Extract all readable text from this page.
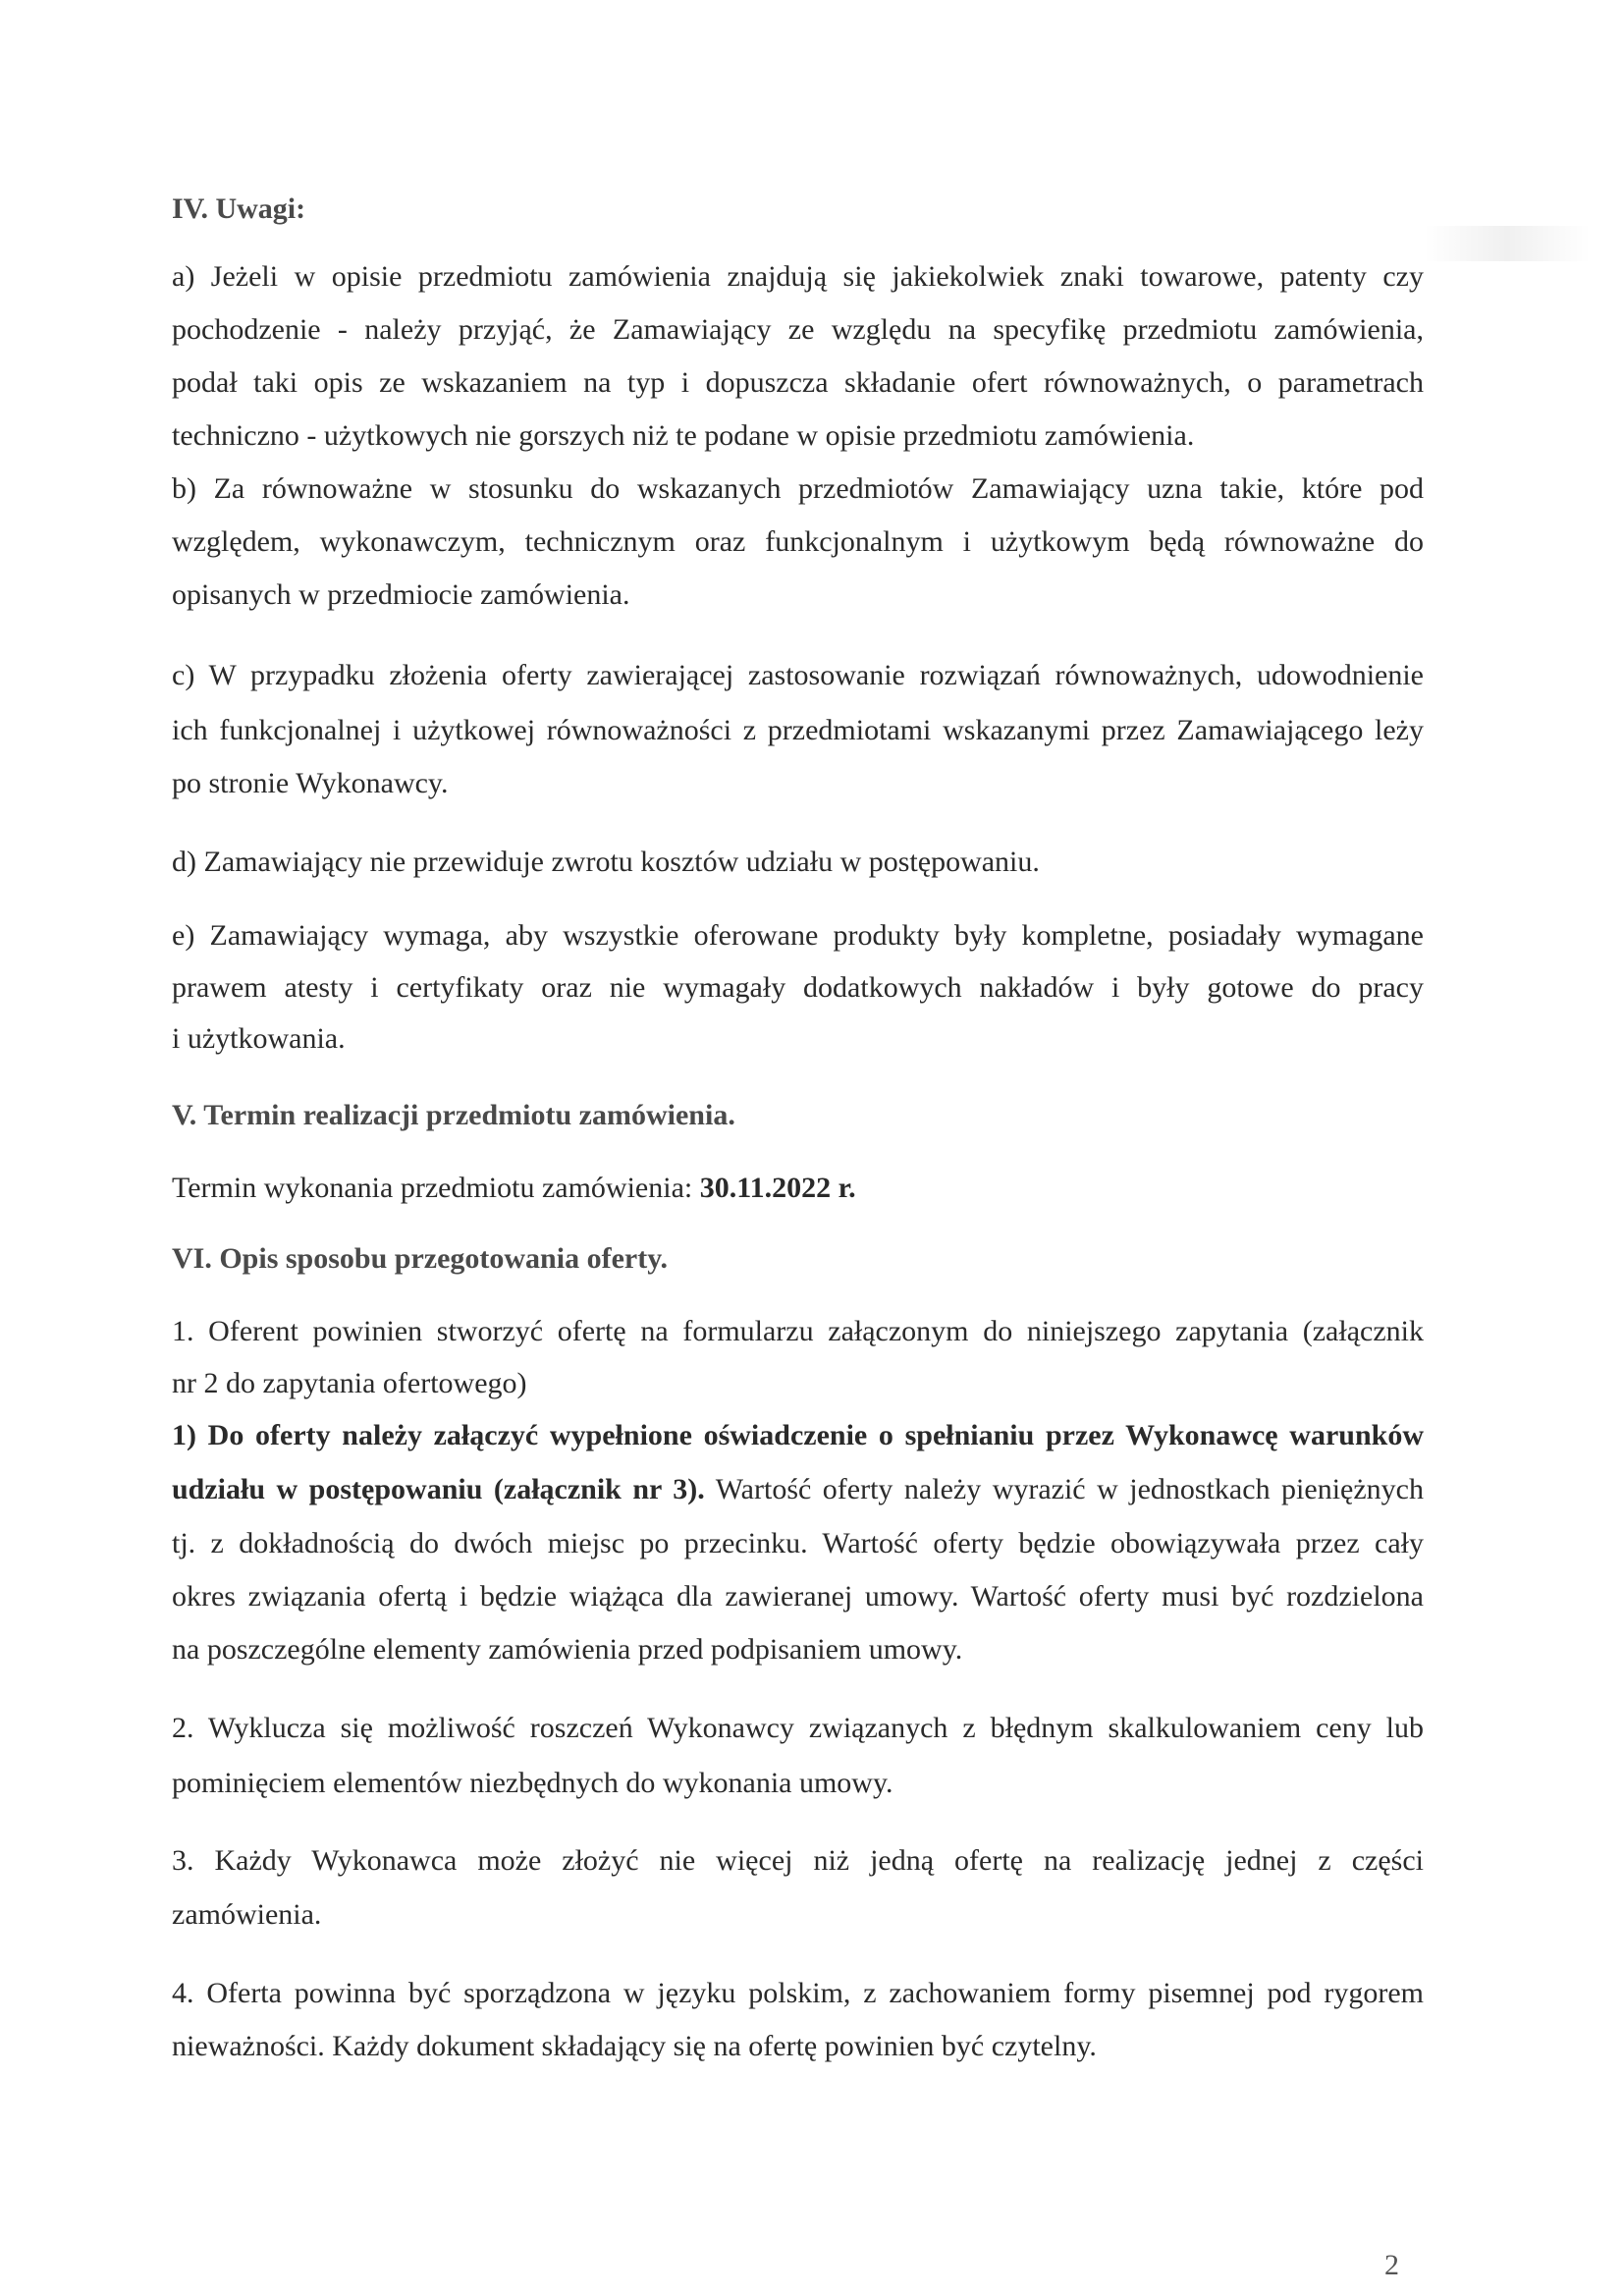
IV. Uwagi:
a) Jeżeli w opisie przedmiotu zamówienia znajdują się jakiekolwiek znaki towarowe, patenty czy
pochodzenie - należy przyjąć, że Zamawiający ze względu na specyfikę przedmiotu zamówienia,
podał taki opis ze wskazaniem na typ i dopuszcza składanie ofert równoważnych, o parametrach
techniczno - użytkowych nie gorszych niż te podane w opisie przedmiotu zamówienia.
b) Za równoważne w stosunku do wskazanych przedmiotów Zamawiający uzna takie, które pod
względem, wykonawczym, technicznym oraz funkcjonalnym i użytkowym będą równoważne do
opisanych w przedmiocie zamówienia.
c) W przypadku złożenia oferty zawierającej zastosowanie rozwiązań równoważnych, udowodnienie
ich funkcjonalnej i użytkowej równoważności z przedmiotami wskazanymi przez Zamawiającego leży
po stronie Wykonawcy.
d) Zamawiający nie przewiduje zwrotu kosztów udziału w postępowaniu.
e) Zamawiający wymaga, aby wszystkie oferowane produkty były kompletne, posiadały wymagane
prawem atesty i certyfikaty oraz nie wymagały dodatkowych nakładów i były gotowe do pracy
i użytkowania.
V. Termin realizacji przedmiotu zamówienia.
Termin wykonania przedmiotu zamówienia: 30.11.2022 r.
VI. Opis sposobu przegotowania oferty.
1. Oferent powinien stworzyć ofertę na formularzu załączonym do niniejszego zapytania (załącznik
nr 2 do zapytania ofertowego)
1) Do oferty należy załączyć wypełnione oświadczenie o spełnianiu przez Wykonawcę warunków
udziału w postępowaniu (załącznik nr 3). Wartość oferty należy wyrazić w jednostkach pieniężnych
tj. z dokładnością do dwóch miejsc po przecinku. Wartość oferty będzie obowiązywała przez cały
okres związania ofertą i będzie wiążąca dla zawieranej umowy. Wartość oferty musi być rozdzielona
na poszczególne elementy zamówienia przed podpisaniem umowy.
2. Wyklucza się możliwość roszczeń Wykonawcy związanych z błędnym skalkulowaniem ceny lub
pominięciem elementów niezbędnych do wykonania umowy.
3. Każdy Wykonawca może złożyć nie więcej niż jedną ofertę na realizację jednej z części
zamówienia.
4. Oferta powinna być sporządzona w języku polskim, z zachowaniem formy pisemnej pod rygorem
nieważności. Każdy dokument składający się na ofertę powinien być czytelny.
2
